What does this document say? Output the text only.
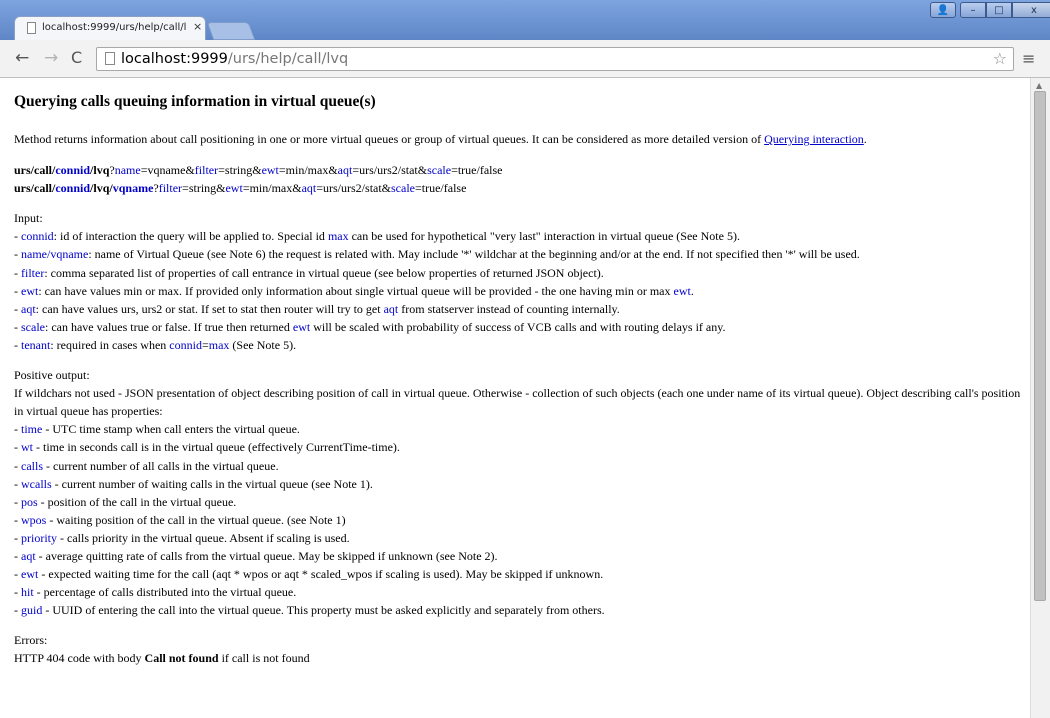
localhost:9999/urs/help/call/l ×
👤	–	□	x
← → C	localhost:9999/urs/help/call/lvq	☆ ≡
Querying calls queuing information in virtual queue(s)

Method returns information about call positioning in one or more virtual queues or group of virtual queues. It can be considered as more detailed version of Querying interaction.

urs/call/connid/lvq?name=vqname&filter=string&ewt=min/max&aqt=urs/urs2/stat&scale=true/false
urs/call/connid/lvq/vqname?filter=string&ewt=min/max&aqt=urs/urs2/stat&scale=true/false
Input:
- connid: id of interaction the query will be applied to. Special id max can be used for hypothetical "very last" interaction in virtual queue (See Note 5).
- name/vqname: name of Virtual Queue (see Note 6) the request is related with. May include '*' wildchar at the beginning and/or at the end. If not specified then '*' will be used.
- filter: comma separated list of properties of call entrance in virtual queue (see below properties of returned JSON object).
- ewt: can have values min or max. If provided only information about single virtual queue will be provided - the one having min or max ewt.
- aqt: can have values urs, urs2 or stat. If set to stat then router will try to get aqt from statserver instead of counting internally.
- scale: can have values true or false. If true then returned ewt will be scaled with probability of success of VCB calls and with routing delays if any.
- tenant: required in cases when connid=max (See Note 5).
Positive output:
If wildchars not used - JSON presentation of object describing position of call in virtual queue. Otherwise - collection of such objects (each one under name of its virtual queue). Object describing call's position in virtual queue has properties:
- time - UTC time stamp when call enters the virtual queue.
- wt - time in seconds call is in the virtual queue (effectively CurrentTime-time).
- calls - current number of all calls in the virtual queue.
- wcalls - current number of waiting calls in the virtual queue (see Note 1).
- pos - position of the call in the virtual queue.
- wpos - waiting position of the call in the virtual queue. (see Note 1)
- priority - calls priority in the virtual queue. Absent if scaling is used.
- aqt - average quitting rate of calls from the virtual queue. May be skipped if unknown (see Note 2).
- ewt - expected waiting time for the call (aqt * wpos or aqt * scaled_wpos if scaling is used). May be skipped if unknown.
- hit - percentage of calls distributed into the virtual queue.
- guid - UUID of entering the call into the virtual queue. This property must be asked explicitly and separately from others.
Errors:
HTTP 404 code with body Call not found if call is not found
▲
